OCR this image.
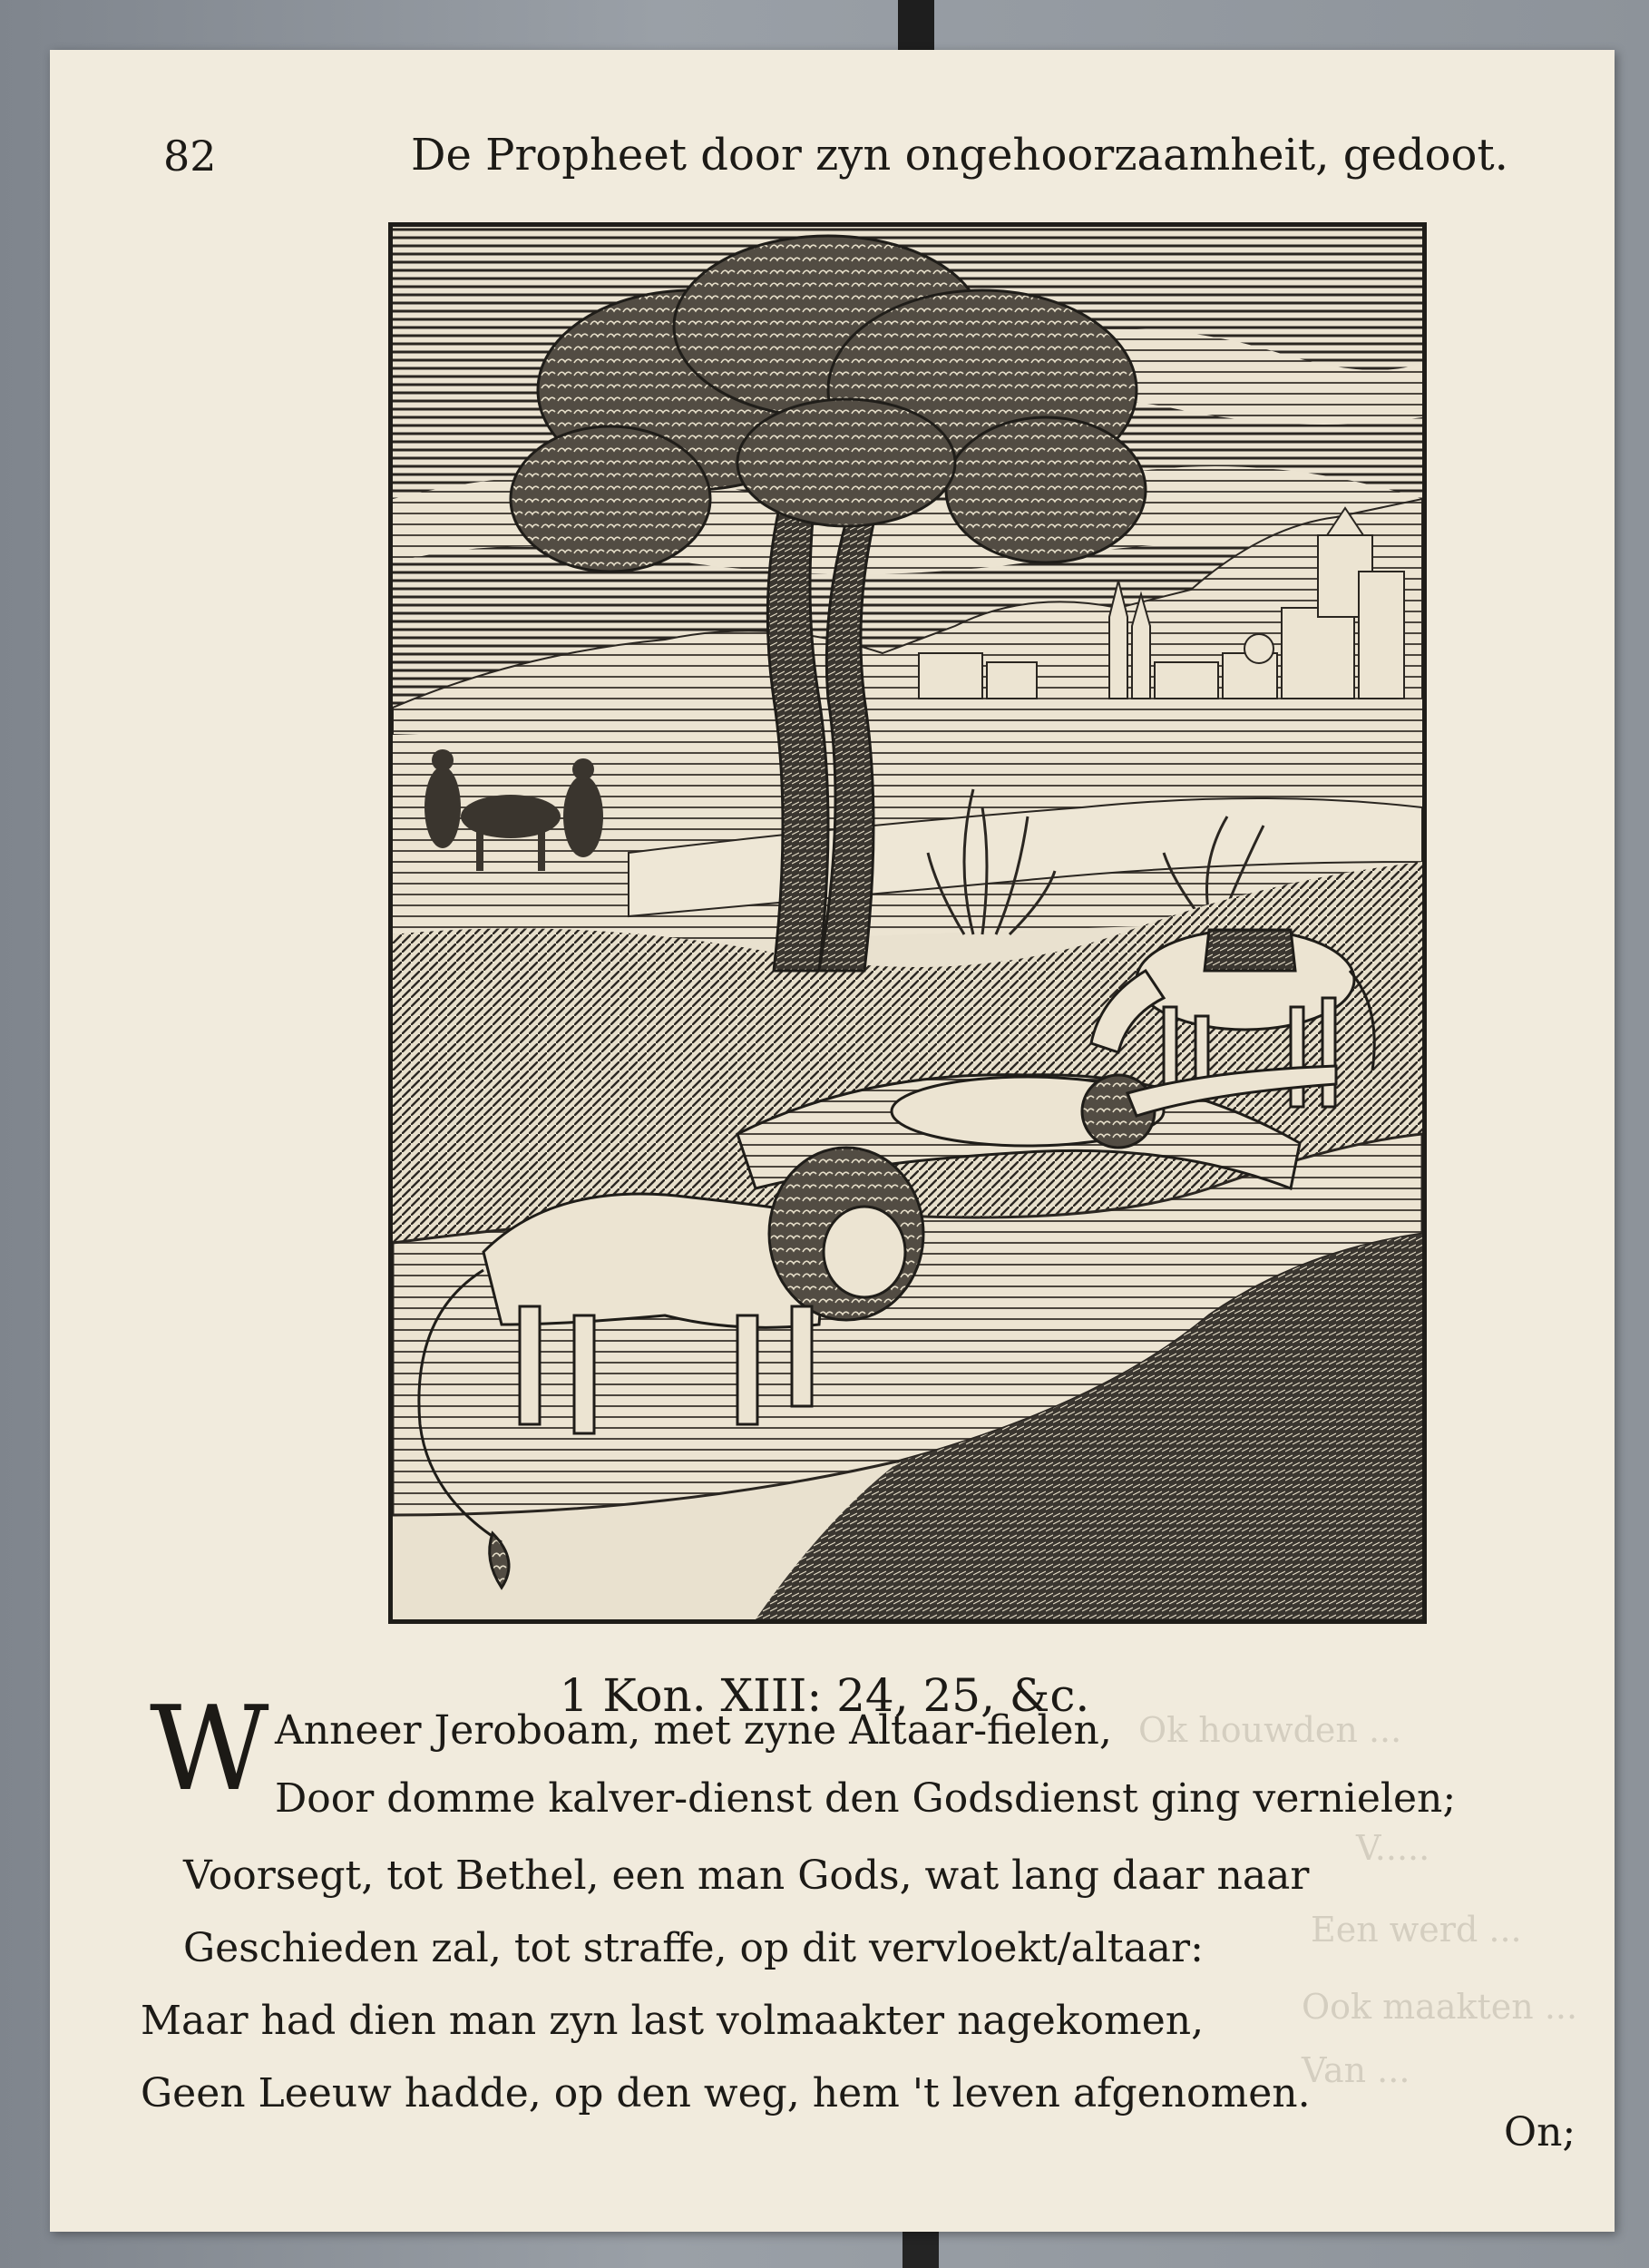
Ok houwden ...
V.....
Een werd ...
Ook maakten ...
Van ...
82	De Propheet door zyn ongehoorzaamheit, gedoot.
1 Kon. XIII: 24, 25, &c.
W Anneer Jeroboam, met zyne Altaar-fielen,
Door domme kalver-dienst den Godsdienst ging vernielen;
Voorsegt, tot Bethel, een man Gods, wat lang daar naar
Geschieden zal, tot straffe, op dit vervloekt/altaar:
Maar had dien man zyn last volmaakter nagekomen,
Geen Leeuw hadde, op den weg, hem 't leven afgenomen.
On;
